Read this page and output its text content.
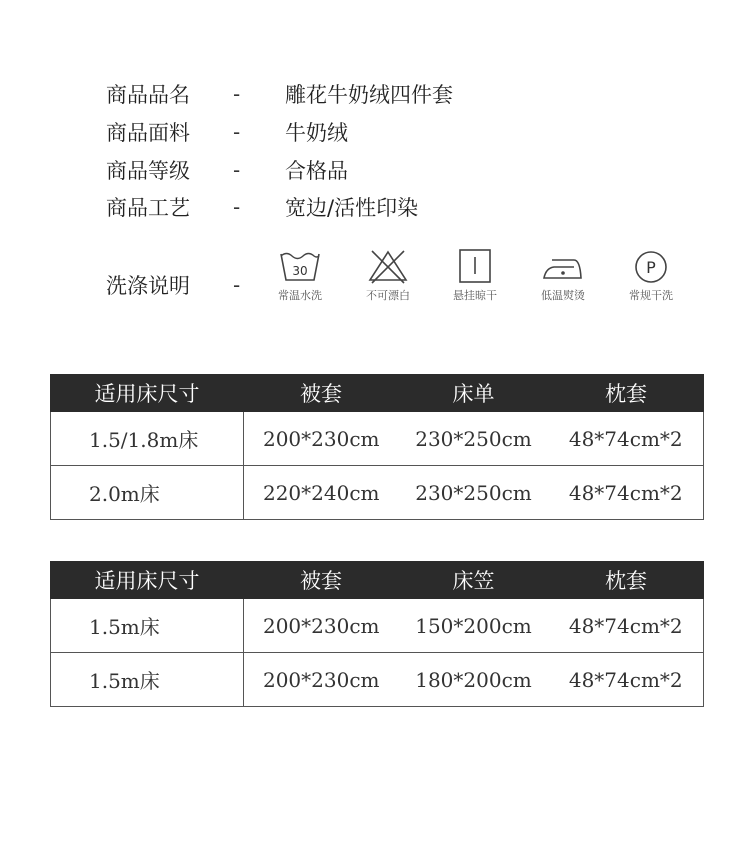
商品品名 - 雕花牛奶绒四件套
商品面料 - 牛奶绒
商品等级 - 合格品
商品工艺 - 宽边/活性印染
洗涤说明 -
30
常温水洗	不可漂白	悬挂晾干	低温熨烫
P
常规干洗
适用床尺寸	被套	床单	枕套
1.5/1.8m床	200*230cm	230*250cm	48*74cm*2
2.0m床	220*240cm	230*250cm	48*74cm*2
适用床尺寸	被套	床笠	枕套
1.5m床	200*230cm	150*200cm	48*74cm*2
1.5m床	200*230cm	180*200cm	48*74cm*2
